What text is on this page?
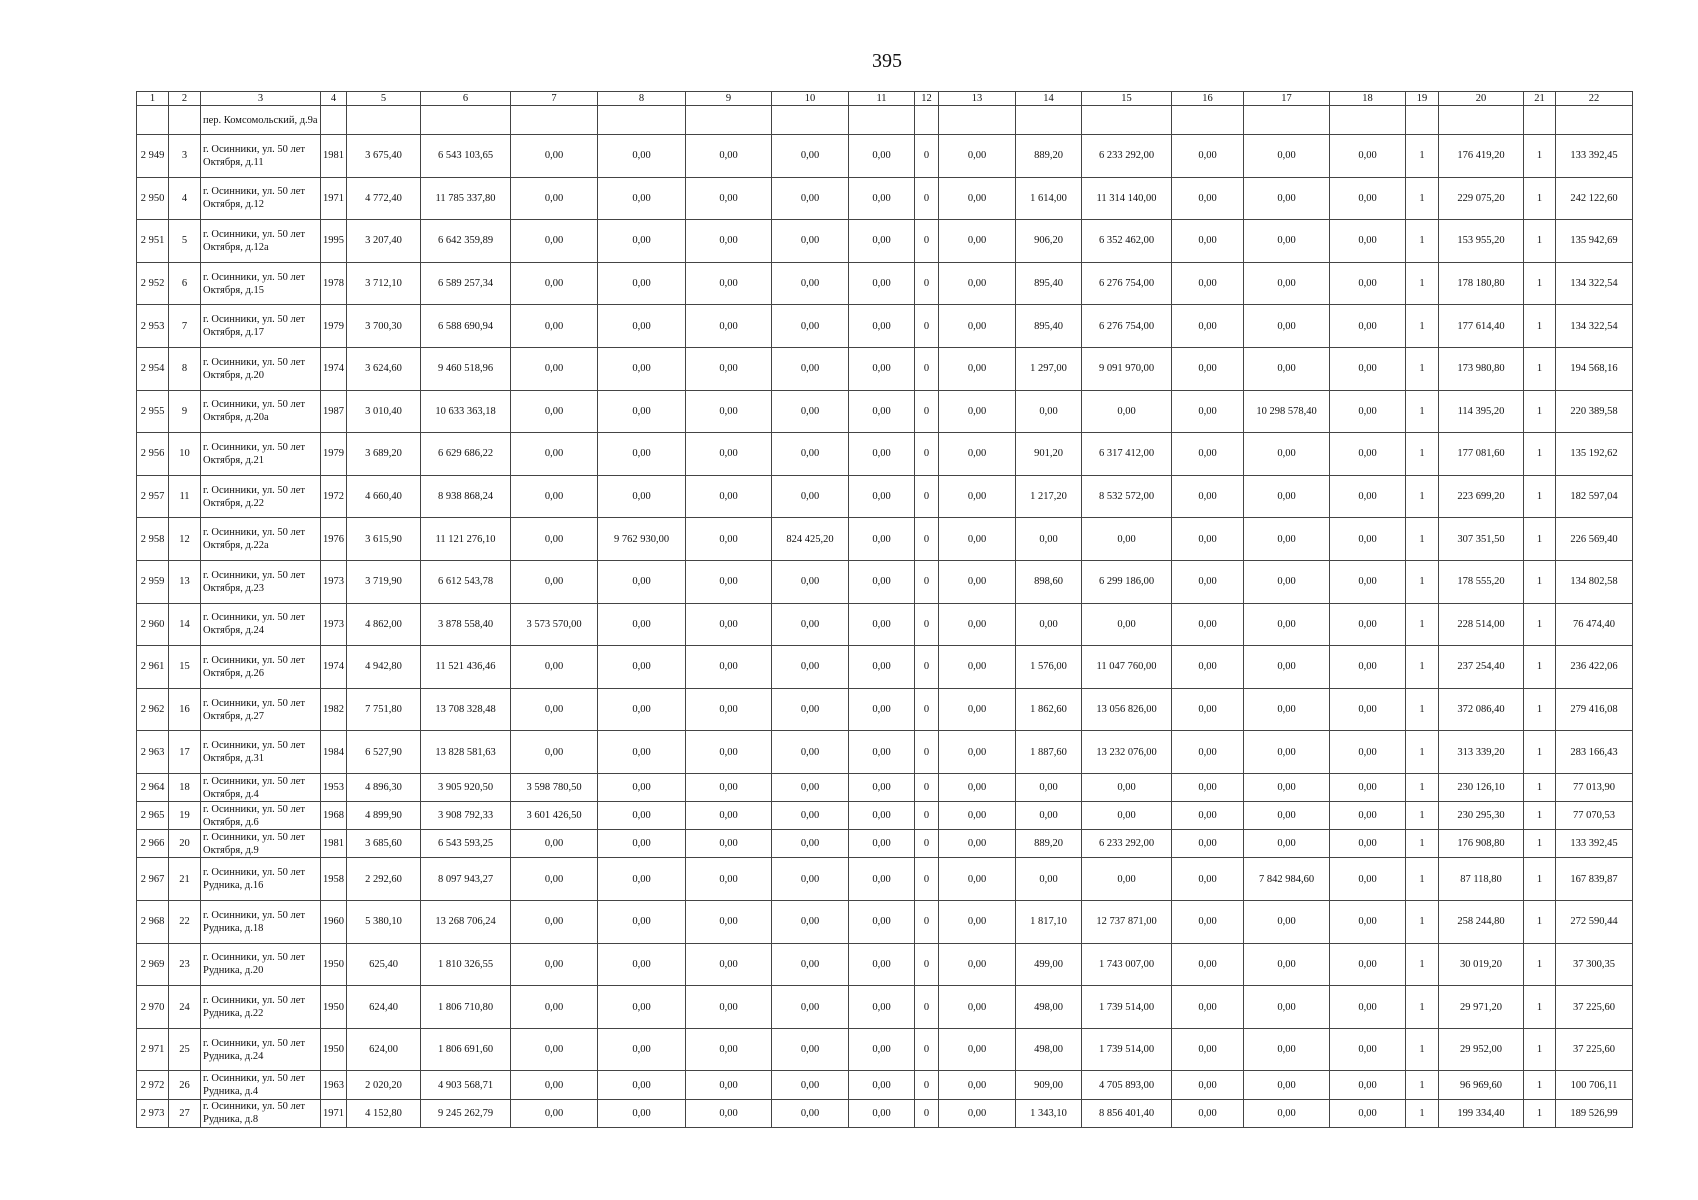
395
1	2	3	4	5	6	7	8	9	10	11	12	13	14	15	16	17	18	19	20	21	22
		пер. Комсомольский, д.9а																			
2 949	3	г. Осинники, ул. 50 лет Октября, д.11	1981	3 675,40	6 543 103,65	0,00	0,00	0,00	0,00	0,00	0	0,00	889,20	6 233 292,00	0,00	0,00	0,00	1	176 419,20	1	133 392,45
2 950	4	г. Осинники, ул. 50 лет Октября, д.12	1971	4 772,40	11 785 337,80	0,00	0,00	0,00	0,00	0,00	0	0,00	1 614,00	11 314 140,00	0,00	0,00	0,00	1	229 075,20	1	242 122,60
2 951	5	г. Осинники, ул. 50 лет Октября, д.12а	1995	3 207,40	6 642 359,89	0,00	0,00	0,00	0,00	0,00	0	0,00	906,20	6 352 462,00	0,00	0,00	0,00	1	153 955,20	1	135 942,69
2 952	6	г. Осинники, ул. 50 лет Октября, д.15	1978	3 712,10	6 589 257,34	0,00	0,00	0,00	0,00	0,00	0	0,00	895,40	6 276 754,00	0,00	0,00	0,00	1	178 180,80	1	134 322,54
2 953	7	г. Осинники, ул. 50 лет Октября, д.17	1979	3 700,30	6 588 690,94	0,00	0,00	0,00	0,00	0,00	0	0,00	895,40	6 276 754,00	0,00	0,00	0,00	1	177 614,40	1	134 322,54
2 954	8	г. Осинники, ул. 50 лет Октября, д.20	1974	3 624,60	9 460 518,96	0,00	0,00	0,00	0,00	0,00	0	0,00	1 297,00	9 091 970,00	0,00	0,00	0,00	1	173 980,80	1	194 568,16
2 955	9	г. Осинники, ул. 50 лет Октября, д.20а	1987	3 010,40	10 633 363,18	0,00	0,00	0,00	0,00	0,00	0	0,00	0,00	0,00	0,00	10 298 578,40	0,00	1	114 395,20	1	220 389,58
2 956	10	г. Осинники, ул. 50 лет Октября, д.21	1979	3 689,20	6 629 686,22	0,00	0,00	0,00	0,00	0,00	0	0,00	901,20	6 317 412,00	0,00	0,00	0,00	1	177 081,60	1	135 192,62
2 957	11	г. Осинники, ул. 50 лет Октября, д.22	1972	4 660,40	8 938 868,24	0,00	0,00	0,00	0,00	0,00	0	0,00	1 217,20	8 532 572,00	0,00	0,00	0,00	1	223 699,20	1	182 597,04
2 958	12	г. Осинники, ул. 50 лет Октября, д.22а	1976	3 615,90	11 121 276,10	0,00	9 762 930,00	0,00	824 425,20	0,00	0	0,00	0,00	0,00	0,00	0,00	0,00	1	307 351,50	1	226 569,40
2 959	13	г. Осинники, ул. 50 лет Октября, д.23	1973	3 719,90	6 612 543,78	0,00	0,00	0,00	0,00	0,00	0	0,00	898,60	6 299 186,00	0,00	0,00	0,00	1	178 555,20	1	134 802,58
2 960	14	г. Осинники, ул. 50 лет Октября, д.24	1973	4 862,00	3 878 558,40	3 573 570,00	0,00	0,00	0,00	0,00	0	0,00	0,00	0,00	0,00	0,00	0,00	1	228 514,00	1	76 474,40
2 961	15	г. Осинники, ул. 50 лет Октября, д.26	1974	4 942,80	11 521 436,46	0,00	0,00	0,00	0,00	0,00	0	0,00	1 576,00	11 047 760,00	0,00	0,00	0,00	1	237 254,40	1	236 422,06
2 962	16	г. Осинники, ул. 50 лет Октября, д.27	1982	7 751,80	13 708 328,48	0,00	0,00	0,00	0,00	0,00	0	0,00	1 862,60	13 056 826,00	0,00	0,00	0,00	1	372 086,40	1	279 416,08
2 963	17	г. Осинники, ул. 50 лет Октября, д.31	1984	6 527,90	13 828 581,63	0,00	0,00	0,00	0,00	0,00	0	0,00	1 887,60	13 232 076,00	0,00	0,00	0,00	1	313 339,20	1	283 166,43
2 964	18	г. Осинники, ул. 50 лет Октября, д.4	1953	4 896,30	3 905 920,50	3 598 780,50	0,00	0,00	0,00	0,00	0	0,00	0,00	0,00	0,00	0,00	0,00	1	230 126,10	1	77 013,90
2 965	19	г. Осинники, ул. 50 лет Октября, д.6	1968	4 899,90	3 908 792,33	3 601 426,50	0,00	0,00	0,00	0,00	0	0,00	0,00	0,00	0,00	0,00	0,00	1	230 295,30	1	77 070,53
2 966	20	г. Осинники, ул. 50 лет Октября, д.9	1981	3 685,60	6 543 593,25	0,00	0,00	0,00	0,00	0,00	0	0,00	889,20	6 233 292,00	0,00	0,00	0,00	1	176 908,80	1	133 392,45
2 967	21	г. Осинники, ул. 50 лет Рудника, д.16	1958	2 292,60	8 097 943,27	0,00	0,00	0,00	0,00	0,00	0	0,00	0,00	0,00	0,00	7 842 984,60	0,00	1	87 118,80	1	167 839,87
2 968	22	г. Осинники, ул. 50 лет Рудника, д.18	1960	5 380,10	13 268 706,24	0,00	0,00	0,00	0,00	0,00	0	0,00	1 817,10	12 737 871,00	0,00	0,00	0,00	1	258 244,80	1	272 590,44
2 969	23	г. Осинники, ул. 50 лет Рудника, д.20	1950	625,40	1 810 326,55	0,00	0,00	0,00	0,00	0,00	0	0,00	499,00	1 743 007,00	0,00	0,00	0,00	1	30 019,20	1	37 300,35
2 970	24	г. Осинники, ул. 50 лет Рудника, д.22	1950	624,40	1 806 710,80	0,00	0,00	0,00	0,00	0,00	0	0,00	498,00	1 739 514,00	0,00	0,00	0,00	1	29 971,20	1	37 225,60
2 971	25	г. Осинники, ул. 50 лет Рудника, д.24	1950	624,00	1 806 691,60	0,00	0,00	0,00	0,00	0,00	0	0,00	498,00	1 739 514,00	0,00	0,00	0,00	1	29 952,00	1	37 225,60
2 972	26	г. Осинники, ул. 50 лет Рудника, д.4	1963	2 020,20	4 903 568,71	0,00	0,00	0,00	0,00	0,00	0	0,00	909,00	4 705 893,00	0,00	0,00	0,00	1	96 969,60	1	100 706,11
2 973	27	г. Осинники, ул. 50 лет Рудника, д.8	1971	4 152,80	9 245 262,79	0,00	0,00	0,00	0,00	0,00	0	0,00	1 343,10	8 856 401,40	0,00	0,00	0,00	1	199 334,40	1	189 526,99
